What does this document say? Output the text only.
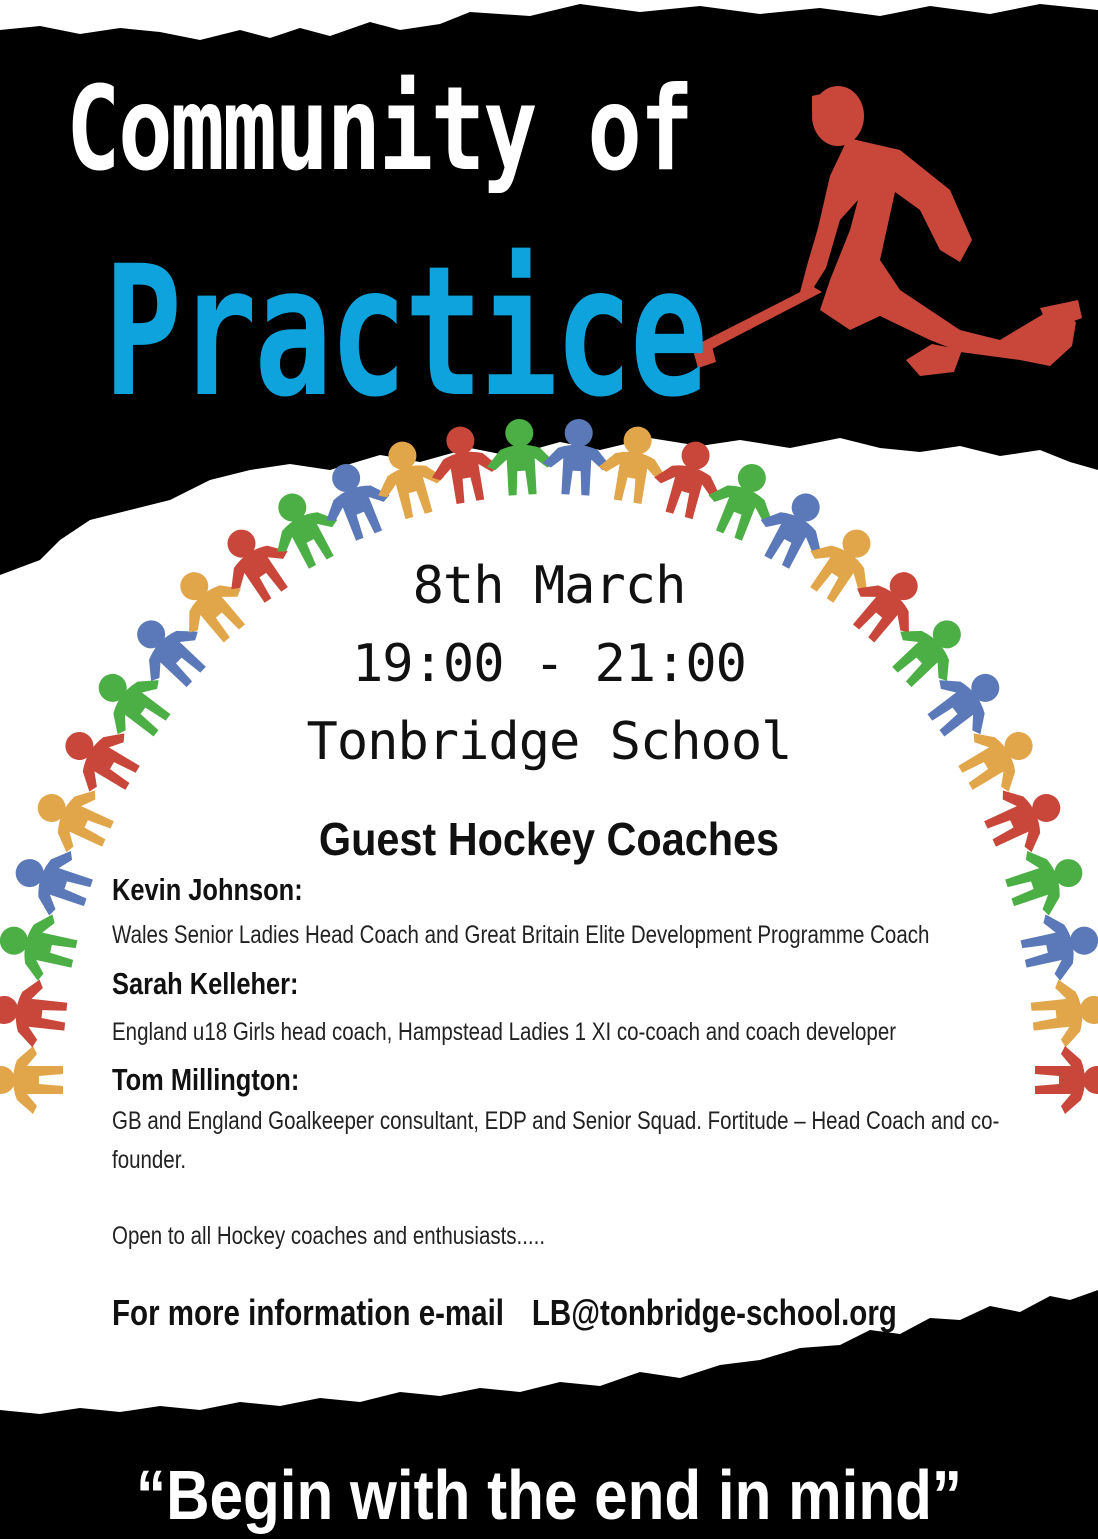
Community of
Practice
8th March
19:00 - 21:00
Tonbridge School
Guest Hockey Coaches
Kevin Johnson:
Wales Senior Ladies Head Coach and Great Britain Elite Development Programme Coach
Sarah Kelleher:
England u18 Girls head coach, Hampstead Ladies 1 XI co-coach and coach developer
Tom Millington:
GB and England Goalkeeper consultant, EDP and Senior Squad. Fortitude – Head Coach and co-founder.
Open to all Hockey coaches and enthusiasts.....
For more information e-mail LB@tonbridge-school.org
“Begin with the end in mind”
